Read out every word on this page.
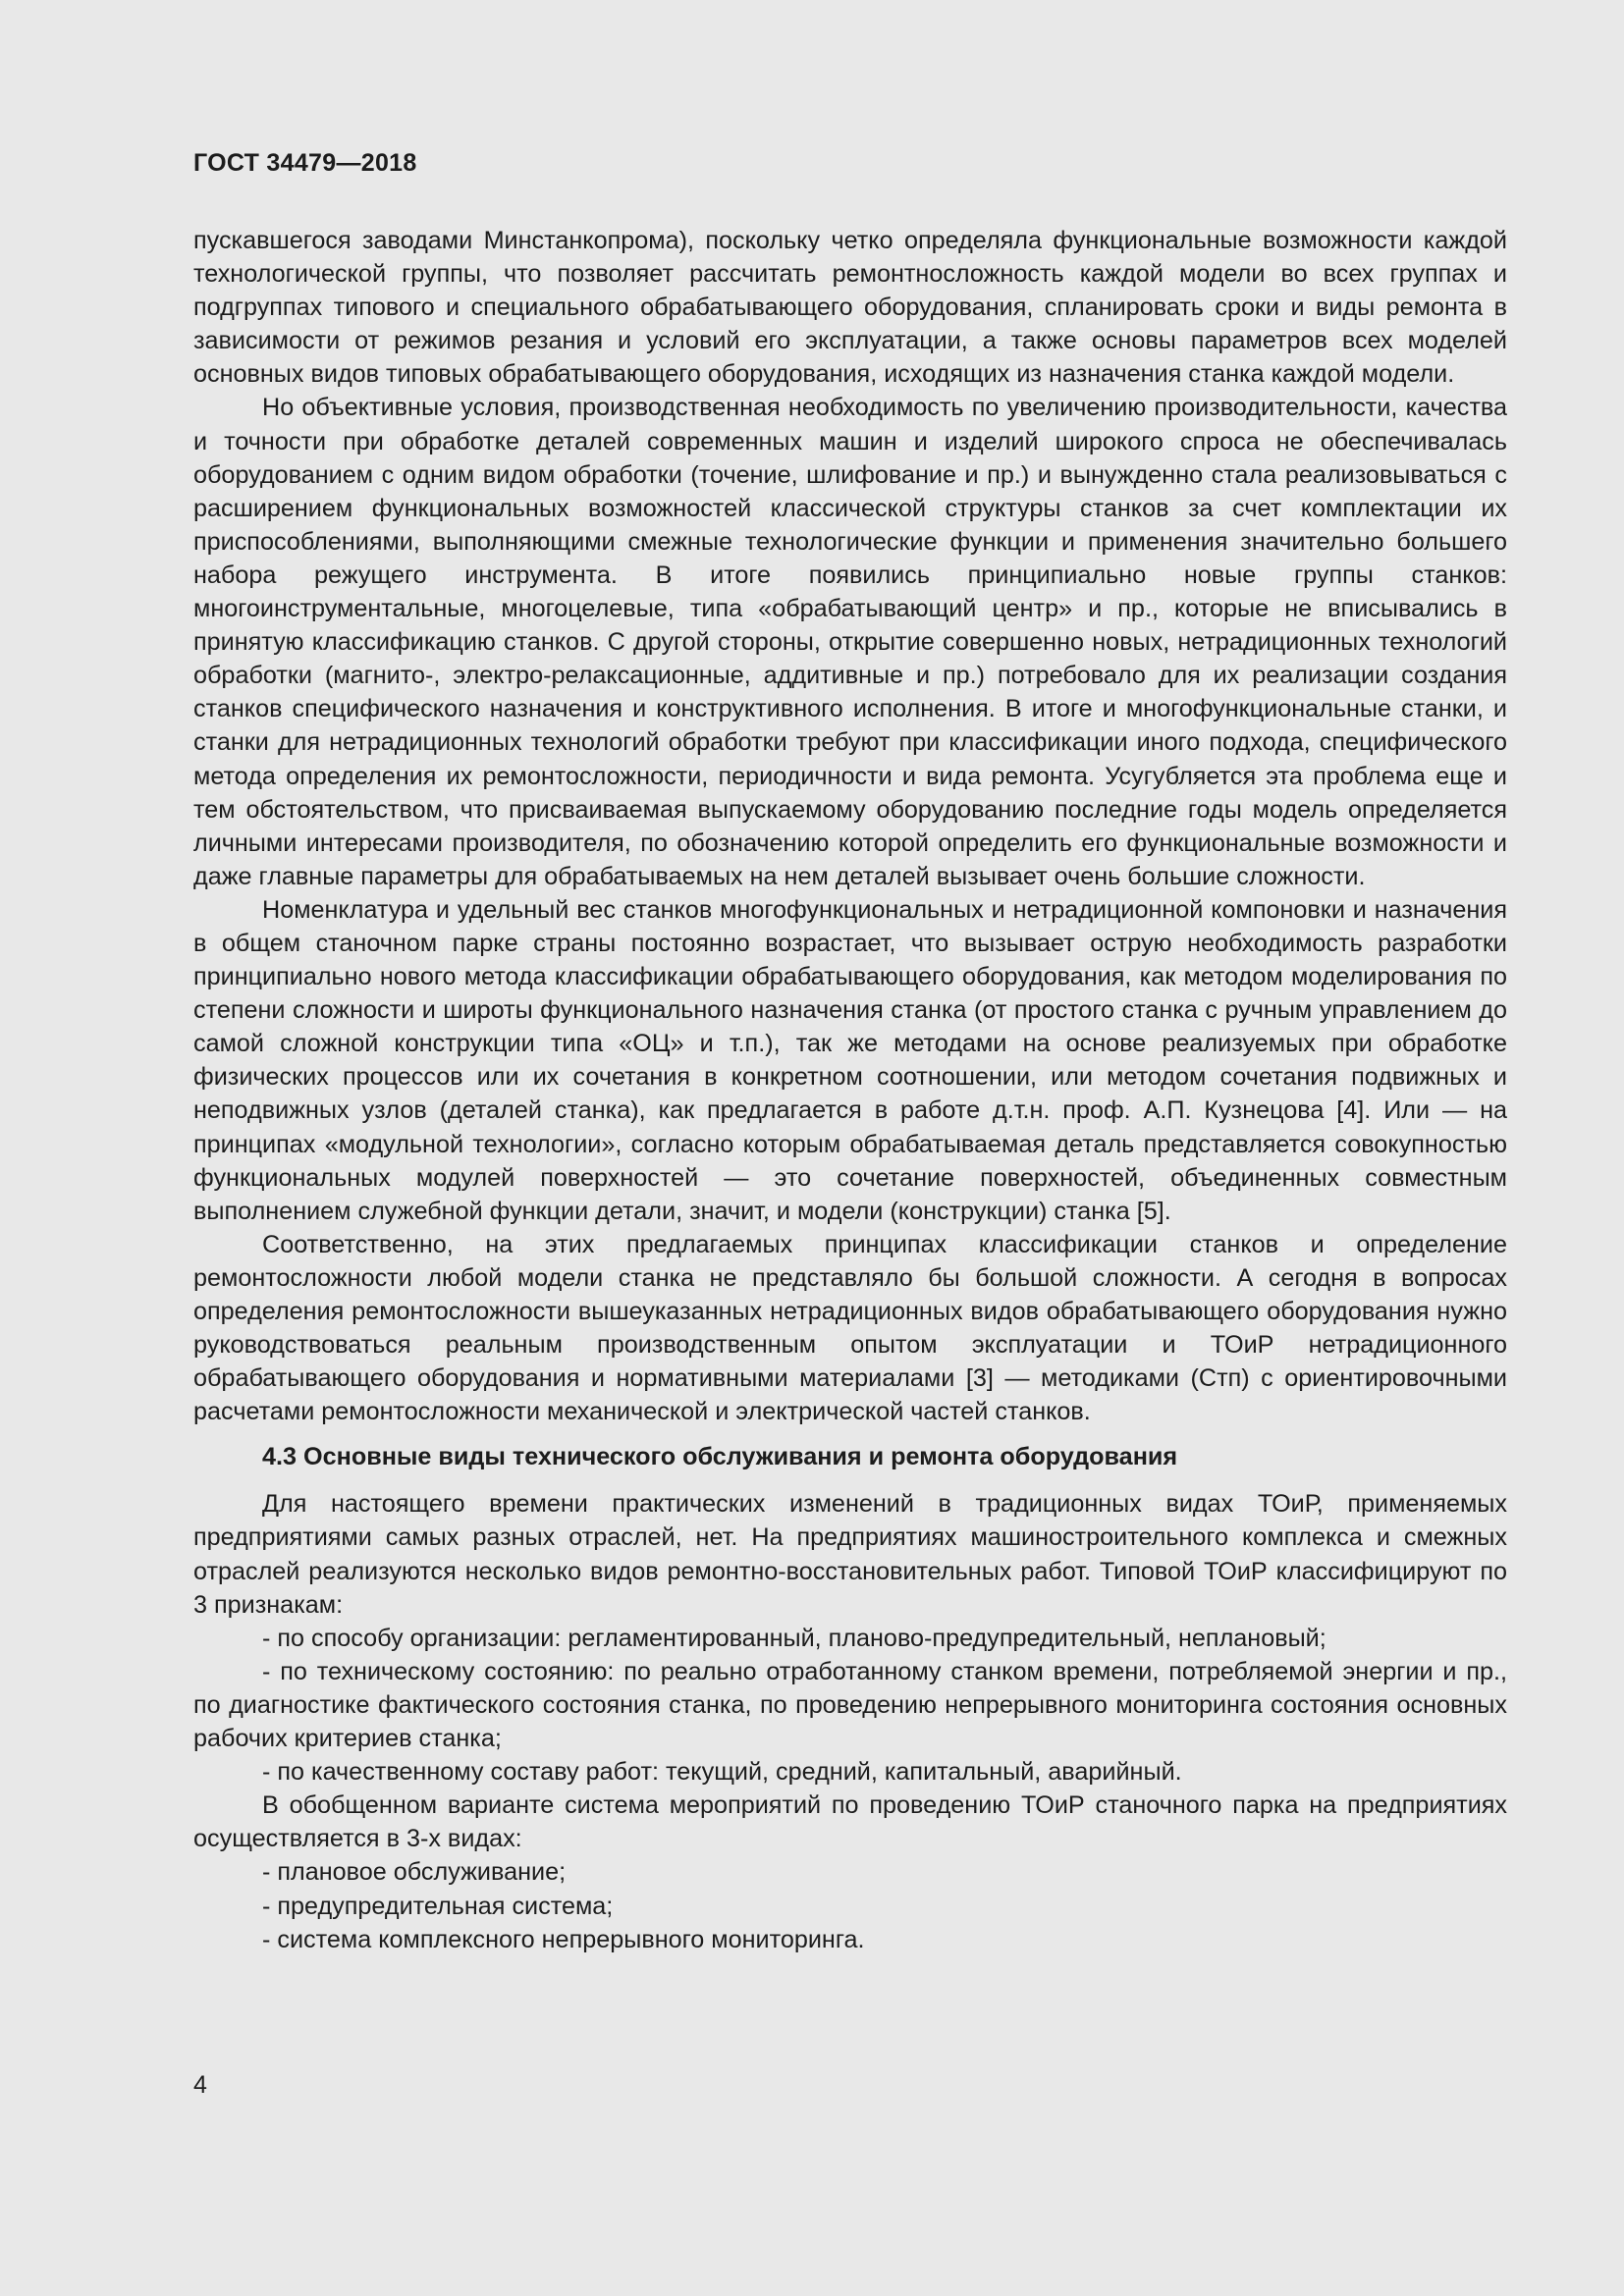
ГОСТ 34479—2018

пускавшегося заводами Минстанкопрома), поскольку четко определяла функциональные возможности каждой технологической группы, что позволяет рассчитать ремонтносложность каждой модели во всех группах и подгруппах типового и специального обрабатывающего оборудования, спланировать сроки и виды ремонта в зависимости от режимов резания и условий его эксплуатации, а также основы параметров всех моделей основных видов типовых обрабатывающего оборудования, исходящих из назначения станка каждой модели.

Но объективные условия, производственная необходимость по увеличению производительности, качества и точности при обработке деталей современных машин и изделий широкого спроса не обеспечивалась оборудованием с одним видом обработки (точение, шлифование и пр.) и вынужденно стала реализовываться с расширением функциональных возможностей классической структуры станков за счет комплектации их приспособлениями, выполняющими смежные технологические функции и применения значительно большего набора режущего инструмента. В итоге появились принципиально новые группы станков: многоинструментальные, многоцелевые, типа «обрабатывающий центр» и пр., которые не вписывались в принятую классификацию станков. С другой стороны, открытие совершенно новых, нетрадиционных технологий обработки (магнито-, электро-релаксационные, аддитивные и пр.) потребовало для их реализации создания станков специфического назначения и конструктивного исполнения. В итоге и многофункциональные станки, и станки для нетрадиционных технологий обработки требуют при классификации иного подхода, специфического метода определения их ремонтосложности, периодичности и вида ремонта. Усугубляется эта проблема еще и тем обстоятельством, что присваиваемая выпускаемому оборудованию последние годы модель определяется личными интересами производителя, по обозначению которой определить его функциональные возможности и даже главные параметры для обрабатываемых на нем деталей вызывает очень большие сложности.

Номенклатура и удельный вес станков многофункциональных и нетрадиционной компоновки и назначения в общем станочном парке страны постоянно возрастает, что вызывает острую необходимость разработки принципиально нового метода классификации обрабатывающего оборудования, как методом моделирования по степени сложности и широты функционального назначения станка (от простого станка с ручным управлением до самой сложной конструкции типа «ОЦ» и т.п.), так же методами на основе реализуемых при обработке физических процессов или их сочетания в конкретном соотношении, или методом сочетания подвижных и неподвижных узлов (деталей станка), как предлагается в работе д.т.н. проф. А.П. Кузнецова [4]. Или — на принципах «модульной технологии», согласно которым обрабатываемая деталь представляется совокупностью функциональных модулей поверхностей — это сочетание поверхностей, объединенных совместным выполнением служебной функции детали, значит, и модели (конструкции) станка [5].

Соответственно, на этих предлагаемых принципах классификации станков и определение ремонтосложности любой модели станка не представляло бы большой сложности. А сегодня в вопросах определения ремонтосложности вышеуказанных нетрадиционных видов обрабатывающего оборудования нужно руководствоваться реальным производственным опытом эксплуатации и ТОиР нетрадиционного обрабатывающего оборудования и нормативными материалами [3] — методиками (Стп) с ориентировочными расчетами ремонтосложности механической и электрической частей станков.

4.3 Основные виды технического обслуживания и ремонта оборудования

Для настоящего времени практических изменений в традиционных видах ТОиР, применяемых предприятиями самых разных отраслей, нет. На предприятиях машиностроительного комплекса и смежных отраслей реализуются несколько видов ремонтно-восстановительных работ. Типовой ТОиР классифицируют по 3 признакам:

- по способу организации: регламентированный, планово-предупредительный, неплановый;

- по техническому состоянию: по реально отработанному станком времени, потребляемой энергии и пр., по диагностике фактического состояния станка, по проведению непрерывного мониторинга состояния основных рабочих критериев станка;

- по качественному составу работ: текущий, средний, капитальный, аварийный.

В обобщенном варианте система мероприятий по проведению ТОиР станочного парка на предприятиях осуществляется в 3-х видах:

- плановое обслуживание;

- предупредительная система;

- система комплексного непрерывного мониторинга.

4
